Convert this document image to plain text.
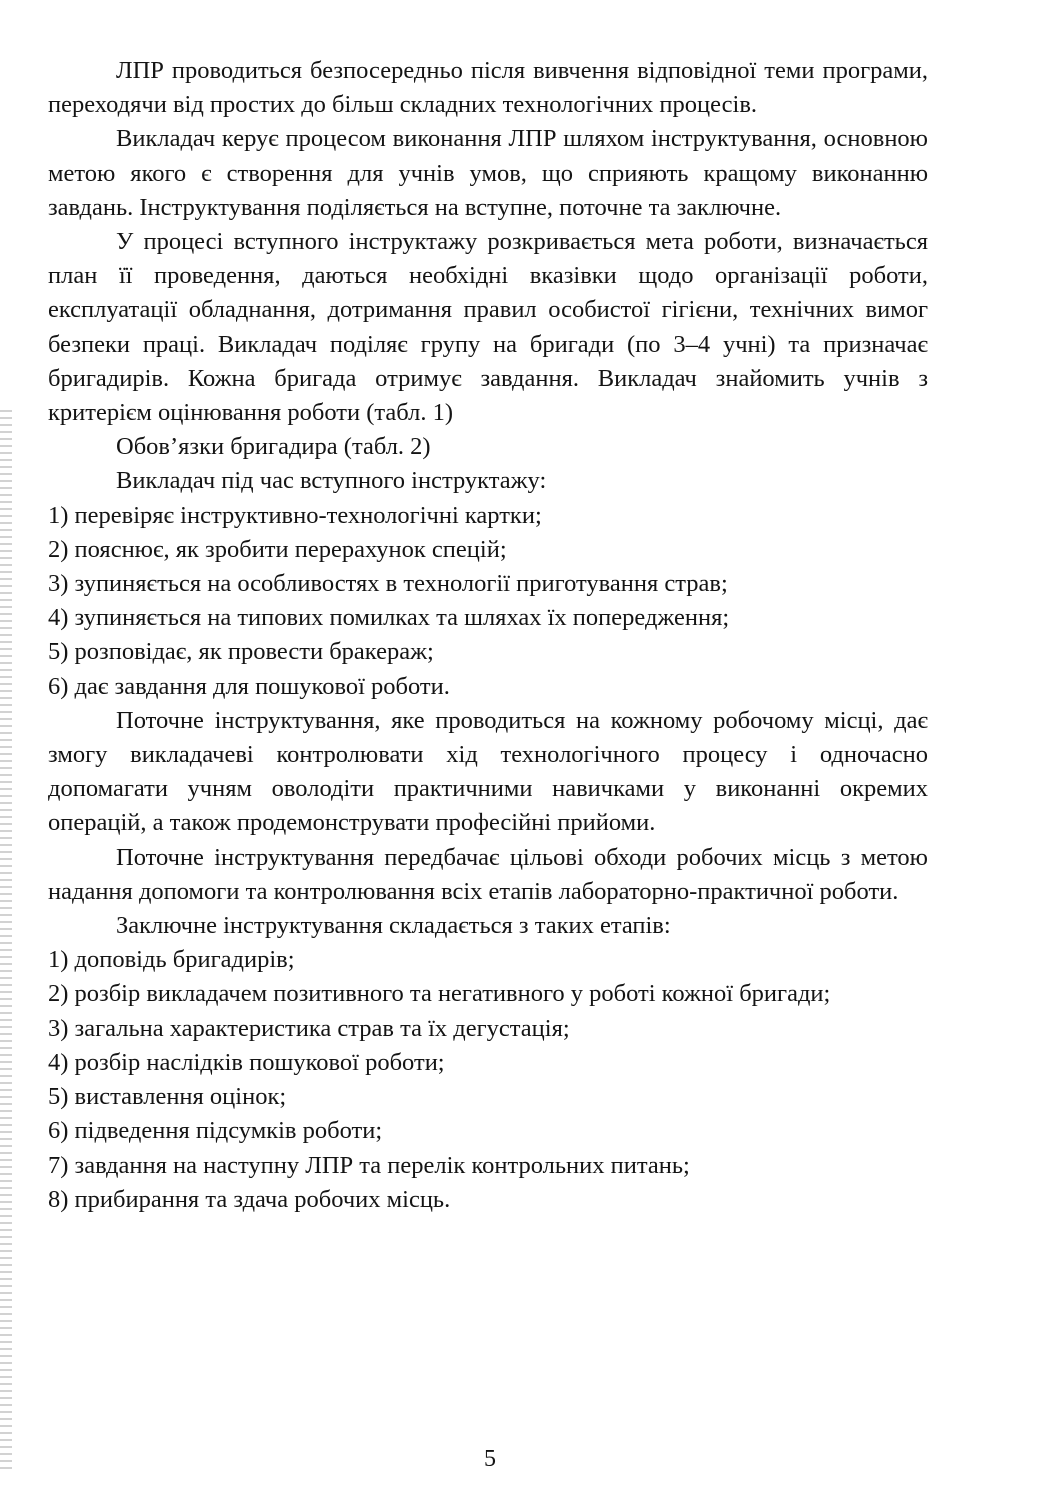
ЛПР проводиться безпосередньо після вивчення відповідної теми програми, переходячи від простих до більш складних технологічних процесів.

Викладач керує процесом виконання ЛПР шляхом інструктування, основною метою якого є створення для учнів умов, що сприяють кращому виконанню завдань. Інструктування поділяється на вступне, поточне та заключне.

У процесі вступного інструктажу розкривається мета роботи, визначається план її проведення, даються необхідні вказівки щодо організації роботи, експлуатації обладнання, дотримання правил особистої гігієни, технічних вимог безпеки праці. Викладач поділяє групу на бригади (по 3–4 учні) та призначає бригадирів. Кожна бригада отримує завдання. Викладач знайомить учнів з критерієм оцінювання роботи (табл. 1)

Обов’язки бригадира (табл. 2)

Викладач під час вступного інструктажу:

1) перевіряє інструктивно-технологічні картки;
2) пояснює, як зробити перерахунок спецій;
3) зупиняється на особливостях в технології приготування страв;
4) зупиняється на типових помилках та шляхах їх попередження;
5) розповідає, як провести бракераж;
6) дає завдання для пошукової роботи.

Поточне інструктування, яке проводиться на кожному робочому місці, дає змогу викладачеві контролювати хід технологічного процесу і одночасно допомагати учням оволодіти практичними навичками у виконанні окремих операцій, а також продемонструвати професійні прийоми.

Поточне інструктування передбачає цільові обходи робочих місць з метою надання допомоги та контролювання всіх етапів лабораторно-практичної роботи.

Заключне інструктування складається з таких етапів:

1) доповідь бригадирів;
2) розбір викладачем позитивного та негативного у роботі кожної бригади;
3) загальна характеристика страв та їх дегустація;
4) розбір наслідків пошукової роботи;
5) виставлення оцінок;
6) підведення підсумків роботи;
7) завдання на наступну ЛПР та перелік контрольних питань;
8) прибирання та здача робочих місць.
5
